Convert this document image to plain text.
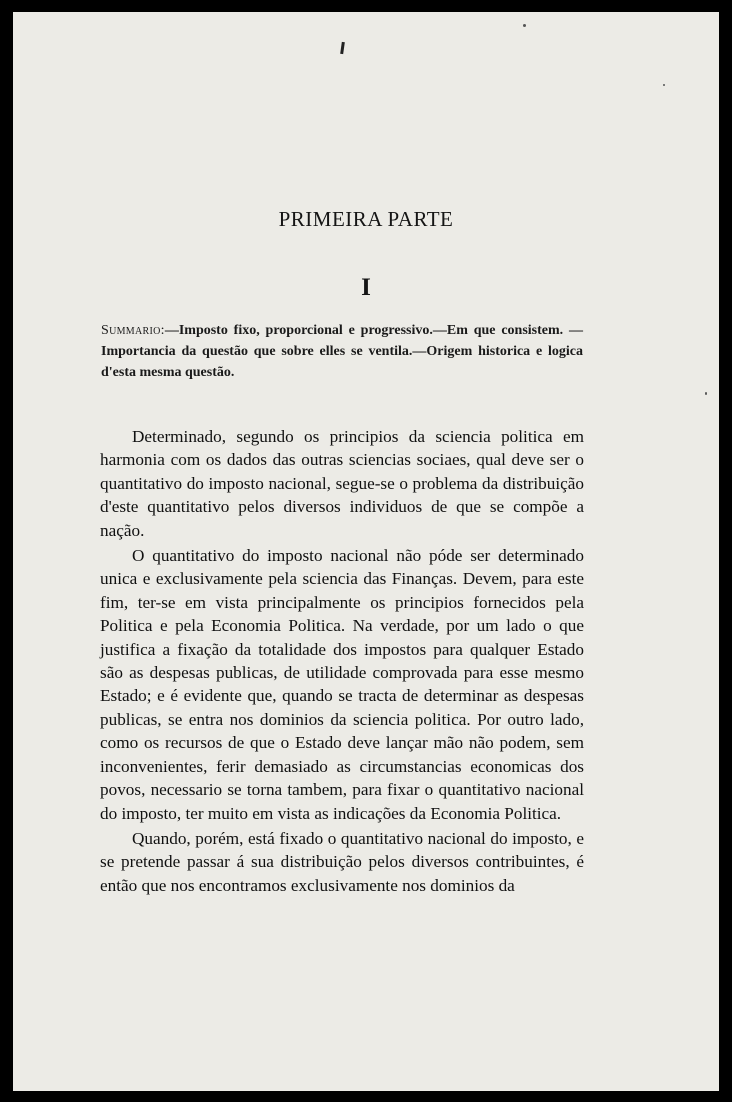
PRIMEIRA PARTE
I
Summario:—Imposto fixo, proporcional e progressivo.—Em que consistem. —Importancia da questão que sobre elles se ventila.—Origem historica e logica d'esta mesma questão.

Determinado, segundo os principios da sciencia politica em harmonia com os dados das outras sciencias sociaes, qual deve ser o quantitativo do imposto nacional, segue-se o problema da distribuição d'este quantitativo pelos diversos individuos de que se compõe a nação.

O quantitativo do imposto nacional não póde ser determinado unica e exclusivamente pela sciencia das Finanças. Devem, para este fim, ter-se em vista principalmente os principios fornecidos pela Politica e pela Economia Politica. Na verdade, por um lado o que justifica a fixação da totalidade dos impostos para qualquer Estado são as despesas publicas, de utilidade comprovada para esse mesmo Estado; e é evidente que, quando se tracta de determinar as despesas publicas, se entra nos dominios da sciencia politica. Por outro lado, como os recursos de que o Estado deve lançar mão não podem, sem inconvenientes, ferir demasiado as circumstancias economicas dos povos, necessario se torna tambem, para fixar o quantitativo nacional do imposto, ter muito em vista as indicações da Economia Politica.

Quando, porém, está fixado o quantitativo nacional do imposto, e se pretende passar á sua distribuição pelos diversos contribuintes, é então que nos encontramos exclusivamente nos dominios da
